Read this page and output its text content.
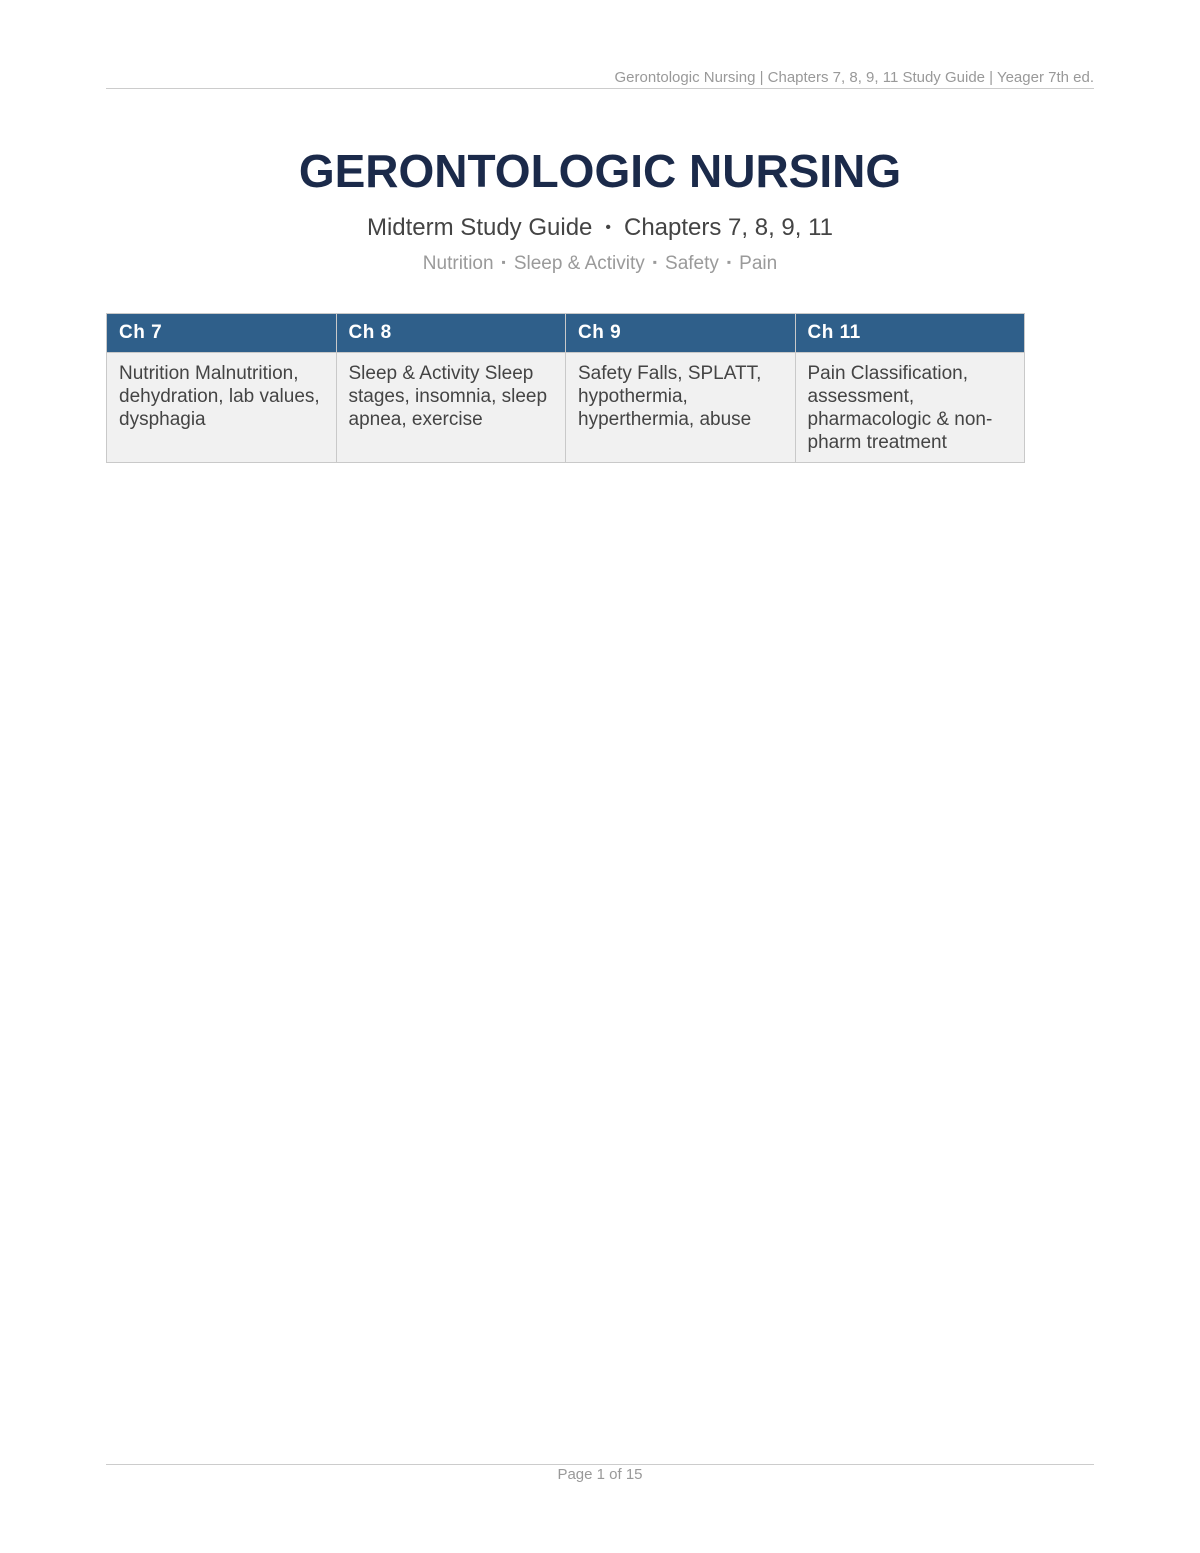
Gerontologic Nursing | Chapters 7, 8, 9, 11 Study Guide | Yeager 7th ed.
GERONTOLOGIC NURSING
Midterm Study Guide • Chapters 7, 8, 9, 11
Nutrition ▪ Sleep & Activity ▪ Safety ▪ Pain
Ch 7	Ch 8	Ch 9	Ch 11
Nutrition Malnutrition, dehydration, lab values, dysphagia	Sleep & Activity Sleep stages, insomnia, sleep apnea, exercise	Safety Falls, SPLATT, hypothermia, hyperthermia, abuse	Pain Classification, assessment, pharmacologic & non-pharm treatment
Page 1 of 15
